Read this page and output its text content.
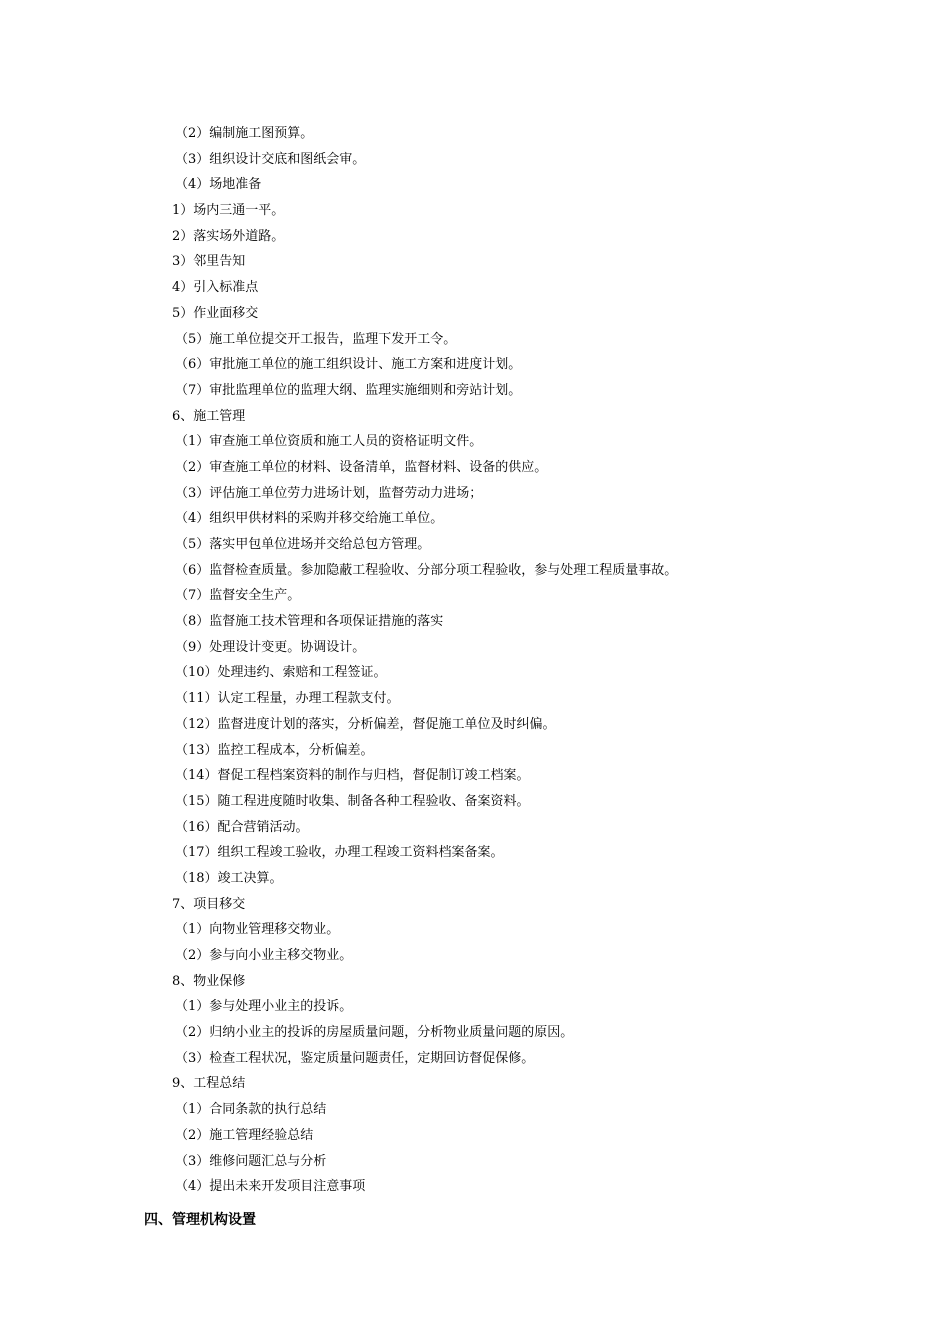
（2）编制施工图预算。
（3）组织设计交底和图纸会审。
（4）场地准备
1）场内三通一平。
2）落实场外道路。
3）邻里告知
4）引入标准点
5）作业面移交
（5）施工单位提交开工报告，监理下发开工令。
（6）审批施工单位的施工组织设计、施工方案和进度计划。
（7）审批监理单位的监理大纲、监理实施细则和旁站计划。
6、施工管理
（1）审查施工单位资质和施工人员的资格证明文件。
（2）审查施工单位的材料、设备清单，监督材料、设备的供应。
（3）评估施工单位劳力进场计划，监督劳动力进场；
（4）组织甲供材料的采购并移交给施工单位。
（5）落实甲包单位进场并交给总包方管理。
（6）监督检查质量。参加隐蔽工程验收、分部分项工程验收，参与处理工程质量事故。
（7）监督安全生产。
（8）监督施工技术管理和各项保证措施的落实
（9）处理设计变更。协调设计。
（10）处理违约、索赔和工程签证。
（11）认定工程量，办理工程款支付。
（12）监督进度计划的落实，分析偏差，督促施工单位及时纠偏。
（13）监控工程成本，分析偏差。
（14）督促工程档案资料的制作与归档，督促制订竣工档案。
（15）随工程进度随时收集、制备各种工程验收、备案资料。
（16）配合营销活动。
（17）组织工程竣工验收，办理工程竣工资料档案备案。
（18）竣工决算。
7、项目移交
（1）向物业管理移交物业。
（2）参与向小业主移交物业。
8、物业保修
（1）参与处理小业主的投诉。
（2）归纳小业主的投诉的房屋质量问题，分析物业质量问题的原因。
（3）检查工程状况，鉴定质量问题责任，定期回访督促保修。
9、工程总结
（1）合同条款的执行总结
（2）施工管理经验总结
（3）维修问题汇总与分析
（4）提出未来开发项目注意事项
四、管理机构设置
